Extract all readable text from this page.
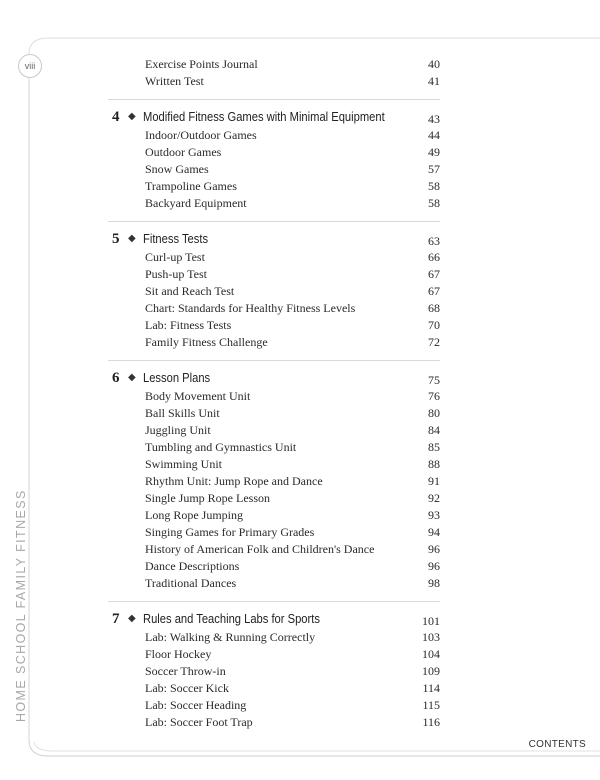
viii
HOME SCHOOL FAMILY FITNESS
Exercise Points Journal	40
Written Test	41
4 ◆ Modified Fitness Games with Minimal Equipment	43
Indoor/Outdoor Games	44
Outdoor Games	49
Snow Games	57
Trampoline Games	58
Backyard Equipment	58
5 ◆ Fitness Tests	63
Curl-up Test	66
Push-up Test	67
Sit and Reach Test	67
Chart: Standards for Healthy Fitness Levels	68
Lab: Fitness Tests	70
Family Fitness Challenge	72
6 ◆ Lesson Plans	75
Body Movement Unit	76
Ball Skills Unit	80
Juggling Unit	84
Tumbling and Gymnastics Unit	85
Swimming Unit	88
Rhythm Unit: Jump Rope and Dance	91
Single Jump Rope Lesson	92
Long Rope Jumping	93
Singing Games for Primary Grades	94
History of American Folk and Children's Dance	96
Dance Descriptions	96
Traditional Dances	98
7 ◆ Rules and Teaching Labs for Sports	101
Lab: Walking & Running Correctly	103
Floor Hockey	104
Soccer Throw-in	109
Lab: Soccer Kick	114
Lab: Soccer Heading	115
Lab: Soccer Foot Trap	116
CONTENTS
